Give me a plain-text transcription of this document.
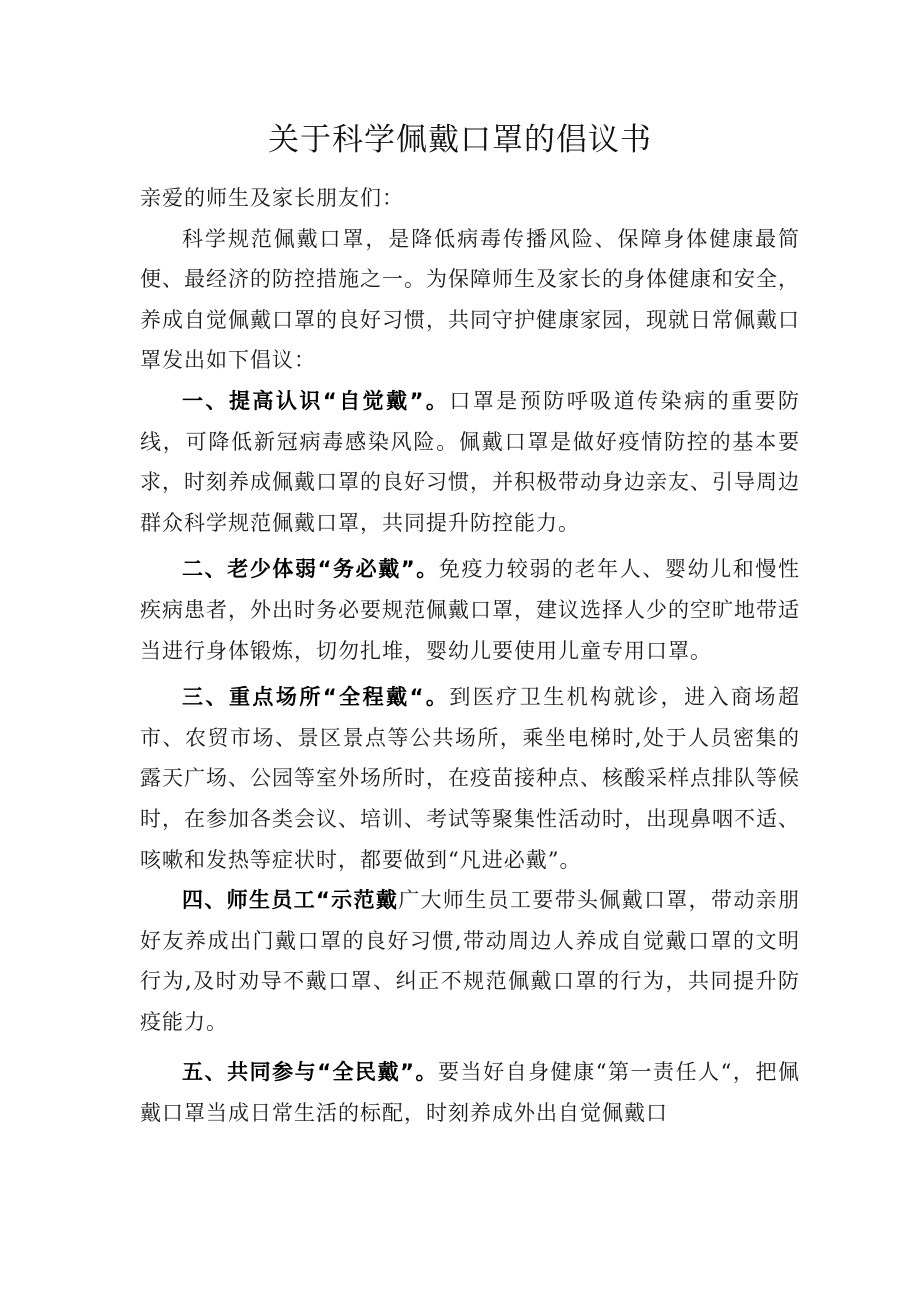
关于科学佩戴口罩的倡议书

亲爱的师生及家长朋友们：

科学规范佩戴口罩，是降低病毒传播风险、保障身体健康最简便、最经济的防控措施之一。为保障师生及家长的身体健康和安全，养成自觉佩戴口罩的良好习惯，共同守护健康家园，现就日常佩戴口罩发出如下倡议：

一、提高认识“自觉戴”。口罩是预防呼吸道传染病的重要防线，可降低新冠病毒感染风险。佩戴口罩是做好疫情防控的基本要求，时刻养成佩戴口罩的良好习惯，并积极带动身边亲友、引导周边群众科学规范佩戴口罩，共同提升防控能力。

二、老少体弱“务必戴”。免疫力较弱的老年人、婴幼儿和慢性疾病患者，外出时务必要规范佩戴口罩，建议选择人少的空旷地带适当进行身体锻炼，切勿扎堆，婴幼儿要使用儿童专用口罩。

三、重点场所“全程戴“。到医疗卫生机构就诊，进入商场超市、农贸市场、景区景点等公共场所，乘坐电梯时,处于人员密集的露天广场、公园等室外场所时，在疫苗接种点、核酸采样点排队等候时，在参加各类会议、培训、考试等聚集性活动时，出现鼻咽不适、咳嗽和发热等症状时，都要做到“凡进必戴”。

四、师生员工“示范戴广大师生员工要带头佩戴口罩，带动亲朋好友养成出门戴口罩的良好习惯,带动周边人养成自觉戴口罩的文明行为,及时劝导不戴口罩、纠正不规范佩戴口罩的行为，共同提升防疫能力。

五、共同参与“全民戴”。要当好自身健康“第一责任人“，把佩戴口罩当成日常生活的标配，时刻养成外出自觉佩戴口
